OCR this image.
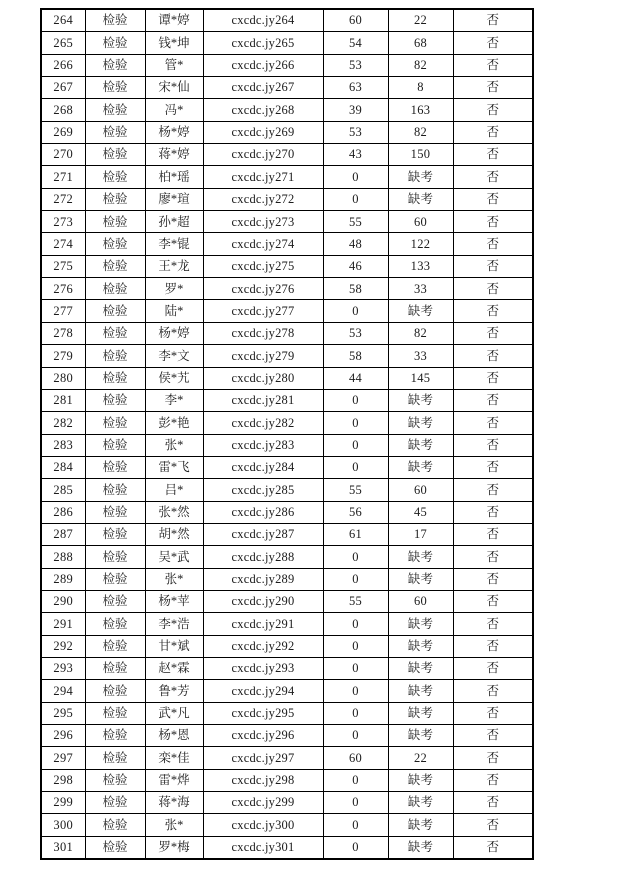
264	检验	谭*婷	cxcdc.jy264	60	22	否
265	检验	钱*坤	cxcdc.jy265	54	68	否
266	检验	管*	cxcdc.jy266	53	82	否
267	检验	宋*仙	cxcdc.jy267	63	8	否
268	检验	冯*	cxcdc.jy268	39	163	否
269	检验	杨*婷	cxcdc.jy269	53	82	否
270	检验	蒋*婷	cxcdc.jy270	43	150	否
271	检验	柏*瑶	cxcdc.jy271	0	缺考	否
272	检验	廖*瑄	cxcdc.jy272	0	缺考	否
273	检验	孙*超	cxcdc.jy273	55	60	否
274	检验	李*锟	cxcdc.jy274	48	122	否
275	检验	王*龙	cxcdc.jy275	46	133	否
276	检验	罗*	cxcdc.jy276	58	33	否
277	检验	陆*	cxcdc.jy277	0	缺考	否
278	检验	杨*婷	cxcdc.jy278	53	82	否
279	检验	李*文	cxcdc.jy279	58	33	否
280	检验	侯*艽	cxcdc.jy280	44	145	否
281	检验	李*	cxcdc.jy281	0	缺考	否
282	检验	彭*艳	cxcdc.jy282	0	缺考	否
283	检验	张*	cxcdc.jy283	0	缺考	否
284	检验	雷*飞	cxcdc.jy284	0	缺考	否
285	检验	吕*	cxcdc.jy285	55	60	否
286	检验	张*然	cxcdc.jy286	56	45	否
287	检验	胡*然	cxcdc.jy287	61	17	否
288	检验	吴*武	cxcdc.jy288	0	缺考	否
289	检验	张*	cxcdc.jy289	0	缺考	否
290	检验	杨*苹	cxcdc.jy290	55	60	否
291	检验	李*浩	cxcdc.jy291	0	缺考	否
292	检验	甘*斌	cxcdc.jy292	0	缺考	否
293	检验	赵*霖	cxcdc.jy293	0	缺考	否
294	检验	鲁*芳	cxcdc.jy294	0	缺考	否
295	检验	武*凡	cxcdc.jy295	0	缺考	否
296	检验	杨*恩	cxcdc.jy296	0	缺考	否
297	检验	栾*佳	cxcdc.jy297	60	22	否
298	检验	雷*烨	cxcdc.jy298	0	缺考	否
299	检验	蒋*海	cxcdc.jy299	0	缺考	否
300	检验	张*	cxcdc.jy300	0	缺考	否
301	检验	罗*梅	cxcdc.jy301	0	缺考	否
